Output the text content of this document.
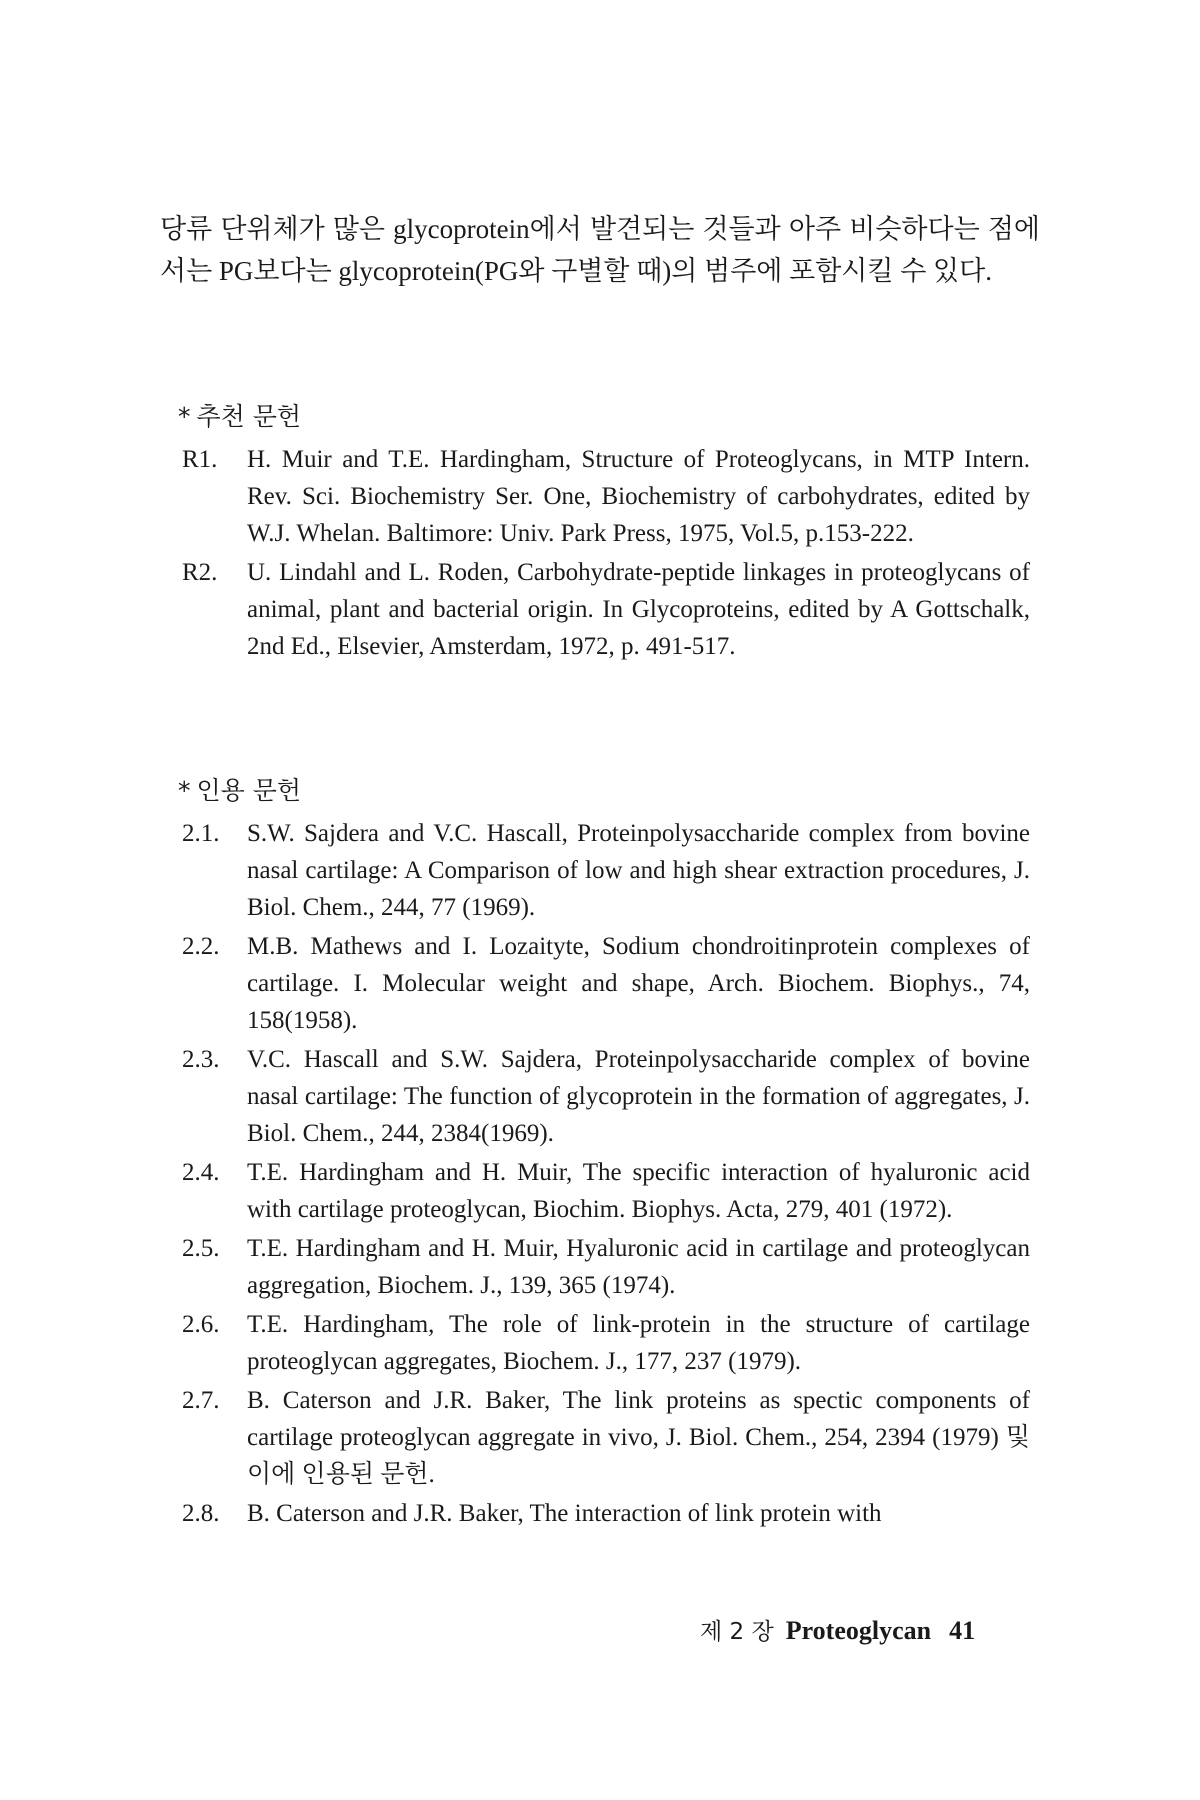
당류 단위체가 많은 glycoprotein에서 발견되는 것들과 아주 비슷하다는 점에서는 PG보다는 glycoprotein(PG와 구별할 때)의 범주에 포함시킬 수 있다.

* 추천 문헌
R1.	H. Muir and T.E. Hardingham, Structure of Proteoglycans, in MTP Intern. Rev. Sci. Biochemistry Ser. One, Biochemistry of carbohydrates, edited by W.J. Whelan. Baltimore: Univ. Park Press, 1975, Vol.5, p.153-222.
R2.	U. Lindahl and L. Roden, Carbohydrate-peptide linkages in proteoglycans of animal, plant and bacterial origin. In Glycoproteins, edited by A Gottschalk, 2nd Ed., Elsevier, Amsterdam, 1972, p. 491-517.
* 인용 문헌
2.1.	S.W. Sajdera and V.C. Hascall, Proteinpolysaccharide complex from bovine nasal cartilage: A Comparison of low and high shear extraction procedures, J. Biol. Chem., 244, 77 (1969).
2.2.	M.B. Mathews and I. Lozaityte, Sodium chondroitinprotein complexes of cartilage. I. Molecular weight and shape, Arch. Biochem. Biophys., 74, 158(1958).
2.3.	V.C. Hascall and S.W. Sajdera, Proteinpolysaccharide complex of bovine nasal cartilage: The function of glycoprotein in the formation of aggregates, J. Biol. Chem., 244, 2384(1969).
2.4.	T.E. Hardingham and H. Muir, The specific interaction of hyaluronic acid with cartilage proteoglycan, Biochim. Biophys. Acta, 279, 401 (1972).
2.5.	T.E. Hardingham and H. Muir, Hyaluronic acid in cartilage and proteoglycan aggregation, Biochem. J., 139, 365 (1974).
2.6.	T.E. Hardingham, The role of link-protein in the structure of cartilage proteoglycan aggregates, Biochem. J., 177, 237 (1979).
2.7.	B. Caterson and J.R. Baker, The link proteins as spectic components of cartilage proteoglycan aggregate in vivo, J. Biol. Chem., 254, 2394 (1979) 및 이에 인용된 문헌.
2.8.	B. Caterson and J.R. Baker, The interaction of link protein with
제 2 장 Proteoglycan 41
